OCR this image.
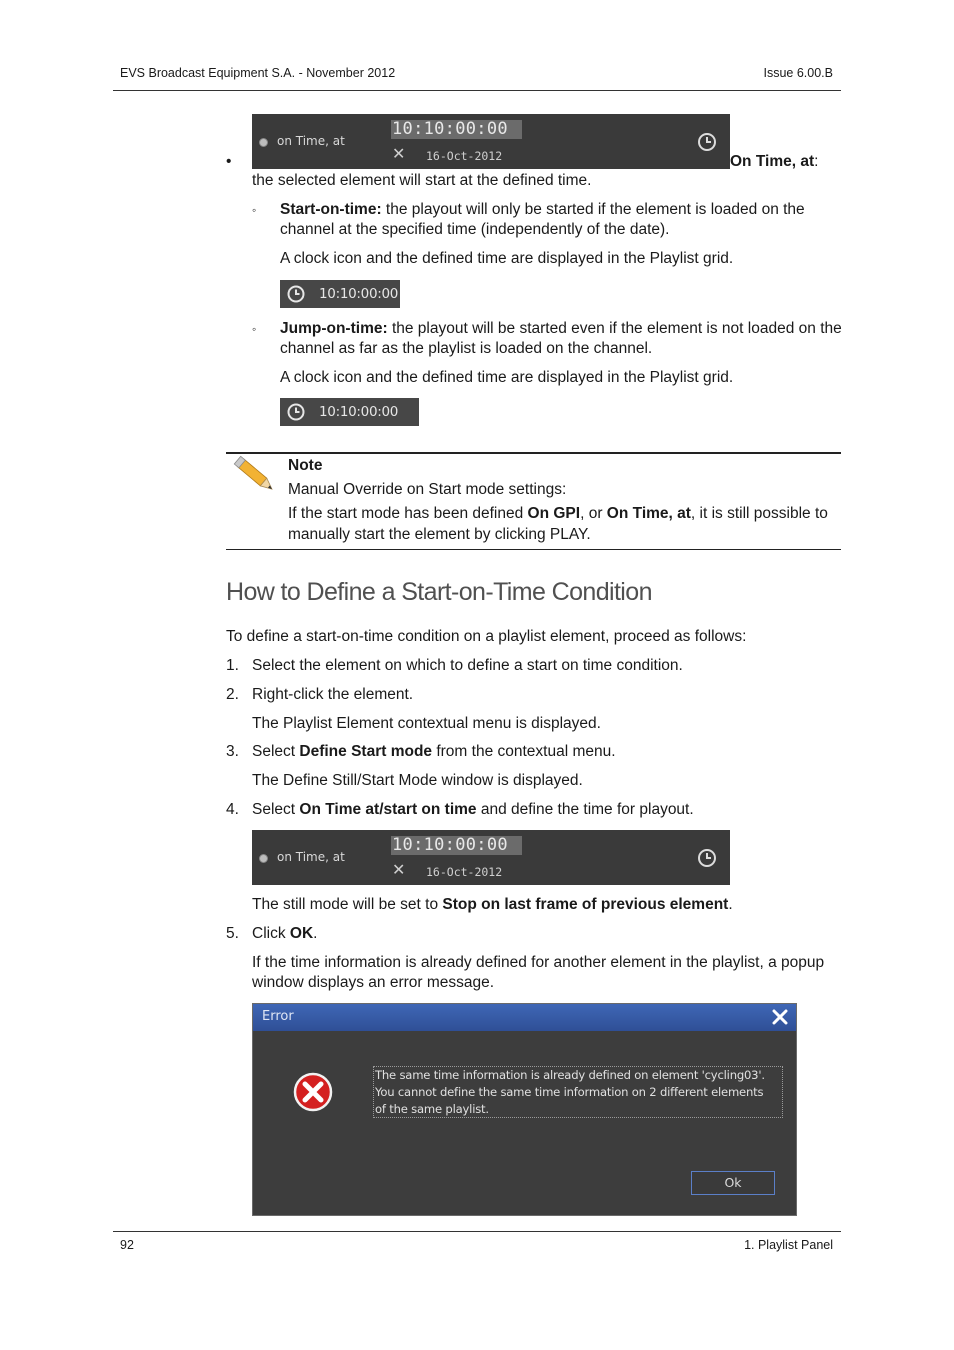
EVS Broadcast Equipment S.A. - November 2012	Issue 6.00.B
•
on Time, at
10:10:00:00
✕ 16-Oct-2012	On Time, at:
the selected element will start at the defined time.
◦ Start-on-time: the playout will only be started if the element is loaded on the
channel at the specified time (independently of the date).
A clock icon and the defined time are displayed in the Playlist grid.
10:10:00:00
◦ Jump-on-time: the playout will be started even if the element is not loaded on the
channel as far as the playlist is loaded on the channel.
A clock icon and the defined time are displayed in the Playlist grid.
10:10:00:00
Note
Manual Override on Start mode settings:
If the start mode has been defined On GPI, or On Time, at, it is still possible to
manually start the element by clicking PLAY.
How to Define a Start-on-Time Condition
To define a start-on-time condition on a playlist element, proceed as follows:
1. Select the element on which to define a start on time condition.
2. Right-click the element.
The Playlist Element contextual menu is displayed.
3. Select Define Start mode from the contextual menu.
The Define Still/Start Mode window is displayed.
4. Select On Time at/start on time and define the time for playout.
on Time, at
10:10:00:00
✕ 16-Oct-2012
The still mode will be set to Stop on last frame of previous element.
5. Click OK.
If the time information is already defined for another element in the playlist, a popup
window displays an error message.
Error
The same time information is already defined on element 'cycling03'.
You cannot define the same time information on 2 different elements
of the same playlist.
Ok
92	1. Playlist Panel
